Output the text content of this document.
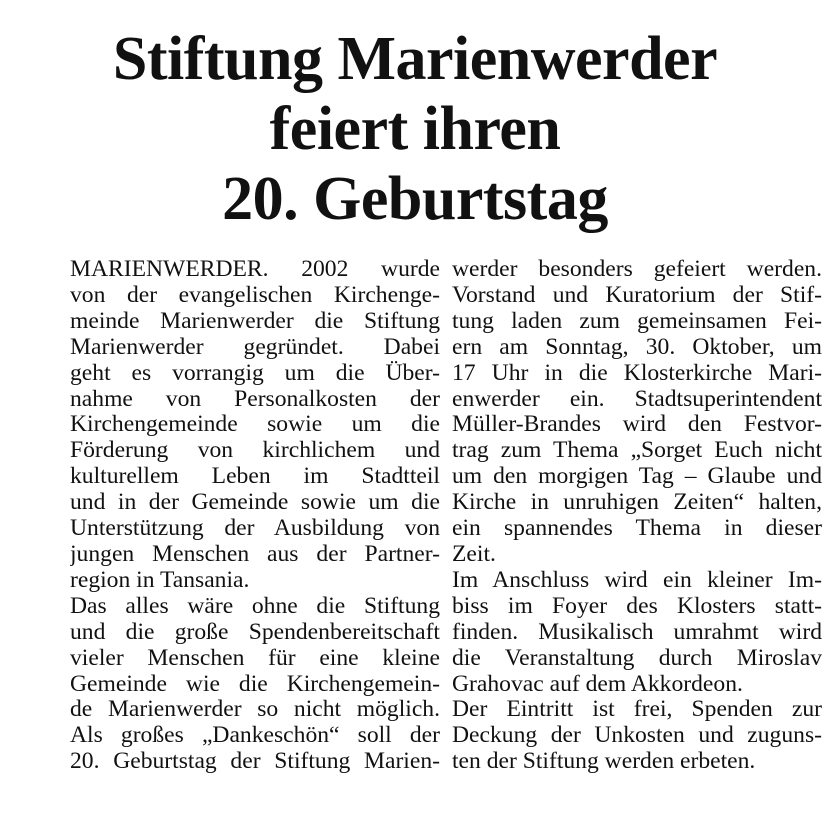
Stiftung Marienwerder
feiert ihren
20. Geburtstag

MARIENWERDER. 2002 wurde
von der evangelischen Kirchenge-
meinde Marienwerder die Stiftung
Marienwerder gegründet. Dabei
geht es vorrangig um die Über-
nahme von Personalkosten der
Kirchengemeinde sowie um die
Förderung von kirchlichem und
kulturellem Leben im Stadtteil
und in der Gemeinde sowie um die
Unterstützung der Ausbildung von
jungen Menschen aus der Partner-
region in Tansania.

Das alles wäre ohne die Stiftung
und die große Spendenbereitschaft
vieler Menschen für eine kleine
Gemeinde wie die Kirchengemein-
de Marienwerder so nicht möglich.
Als großes „Dankeschön“ soll der
20. Geburtstag der Stiftung Marien-

werder besonders gefeiert werden.
Vorstand und Kuratorium der Stif-
tung laden zum gemeinsamen Fei-
ern am Sonntag, 30. Oktober, um
17 Uhr in die Klosterkirche Mari-
enwerder ein. Stadtsuperintendent
Müller-Brandes wird den Festvor-
trag zum Thema „Sorget Euch nicht
um den morgigen Tag – Glaube und
Kirche in unruhigen Zeiten“ halten,
ein spannendes Thema in dieser
Zeit.

Im Anschluss wird ein kleiner Im-
biss im Foyer des Klosters statt-
finden. Musikalisch umrahmt wird
die Veranstaltung durch Miroslav
Grahovac auf dem Akkordeon.

Der Eintritt ist frei, Spenden zur
Deckung der Unkosten und zuguns-
ten der Stiftung werden erbeten.
